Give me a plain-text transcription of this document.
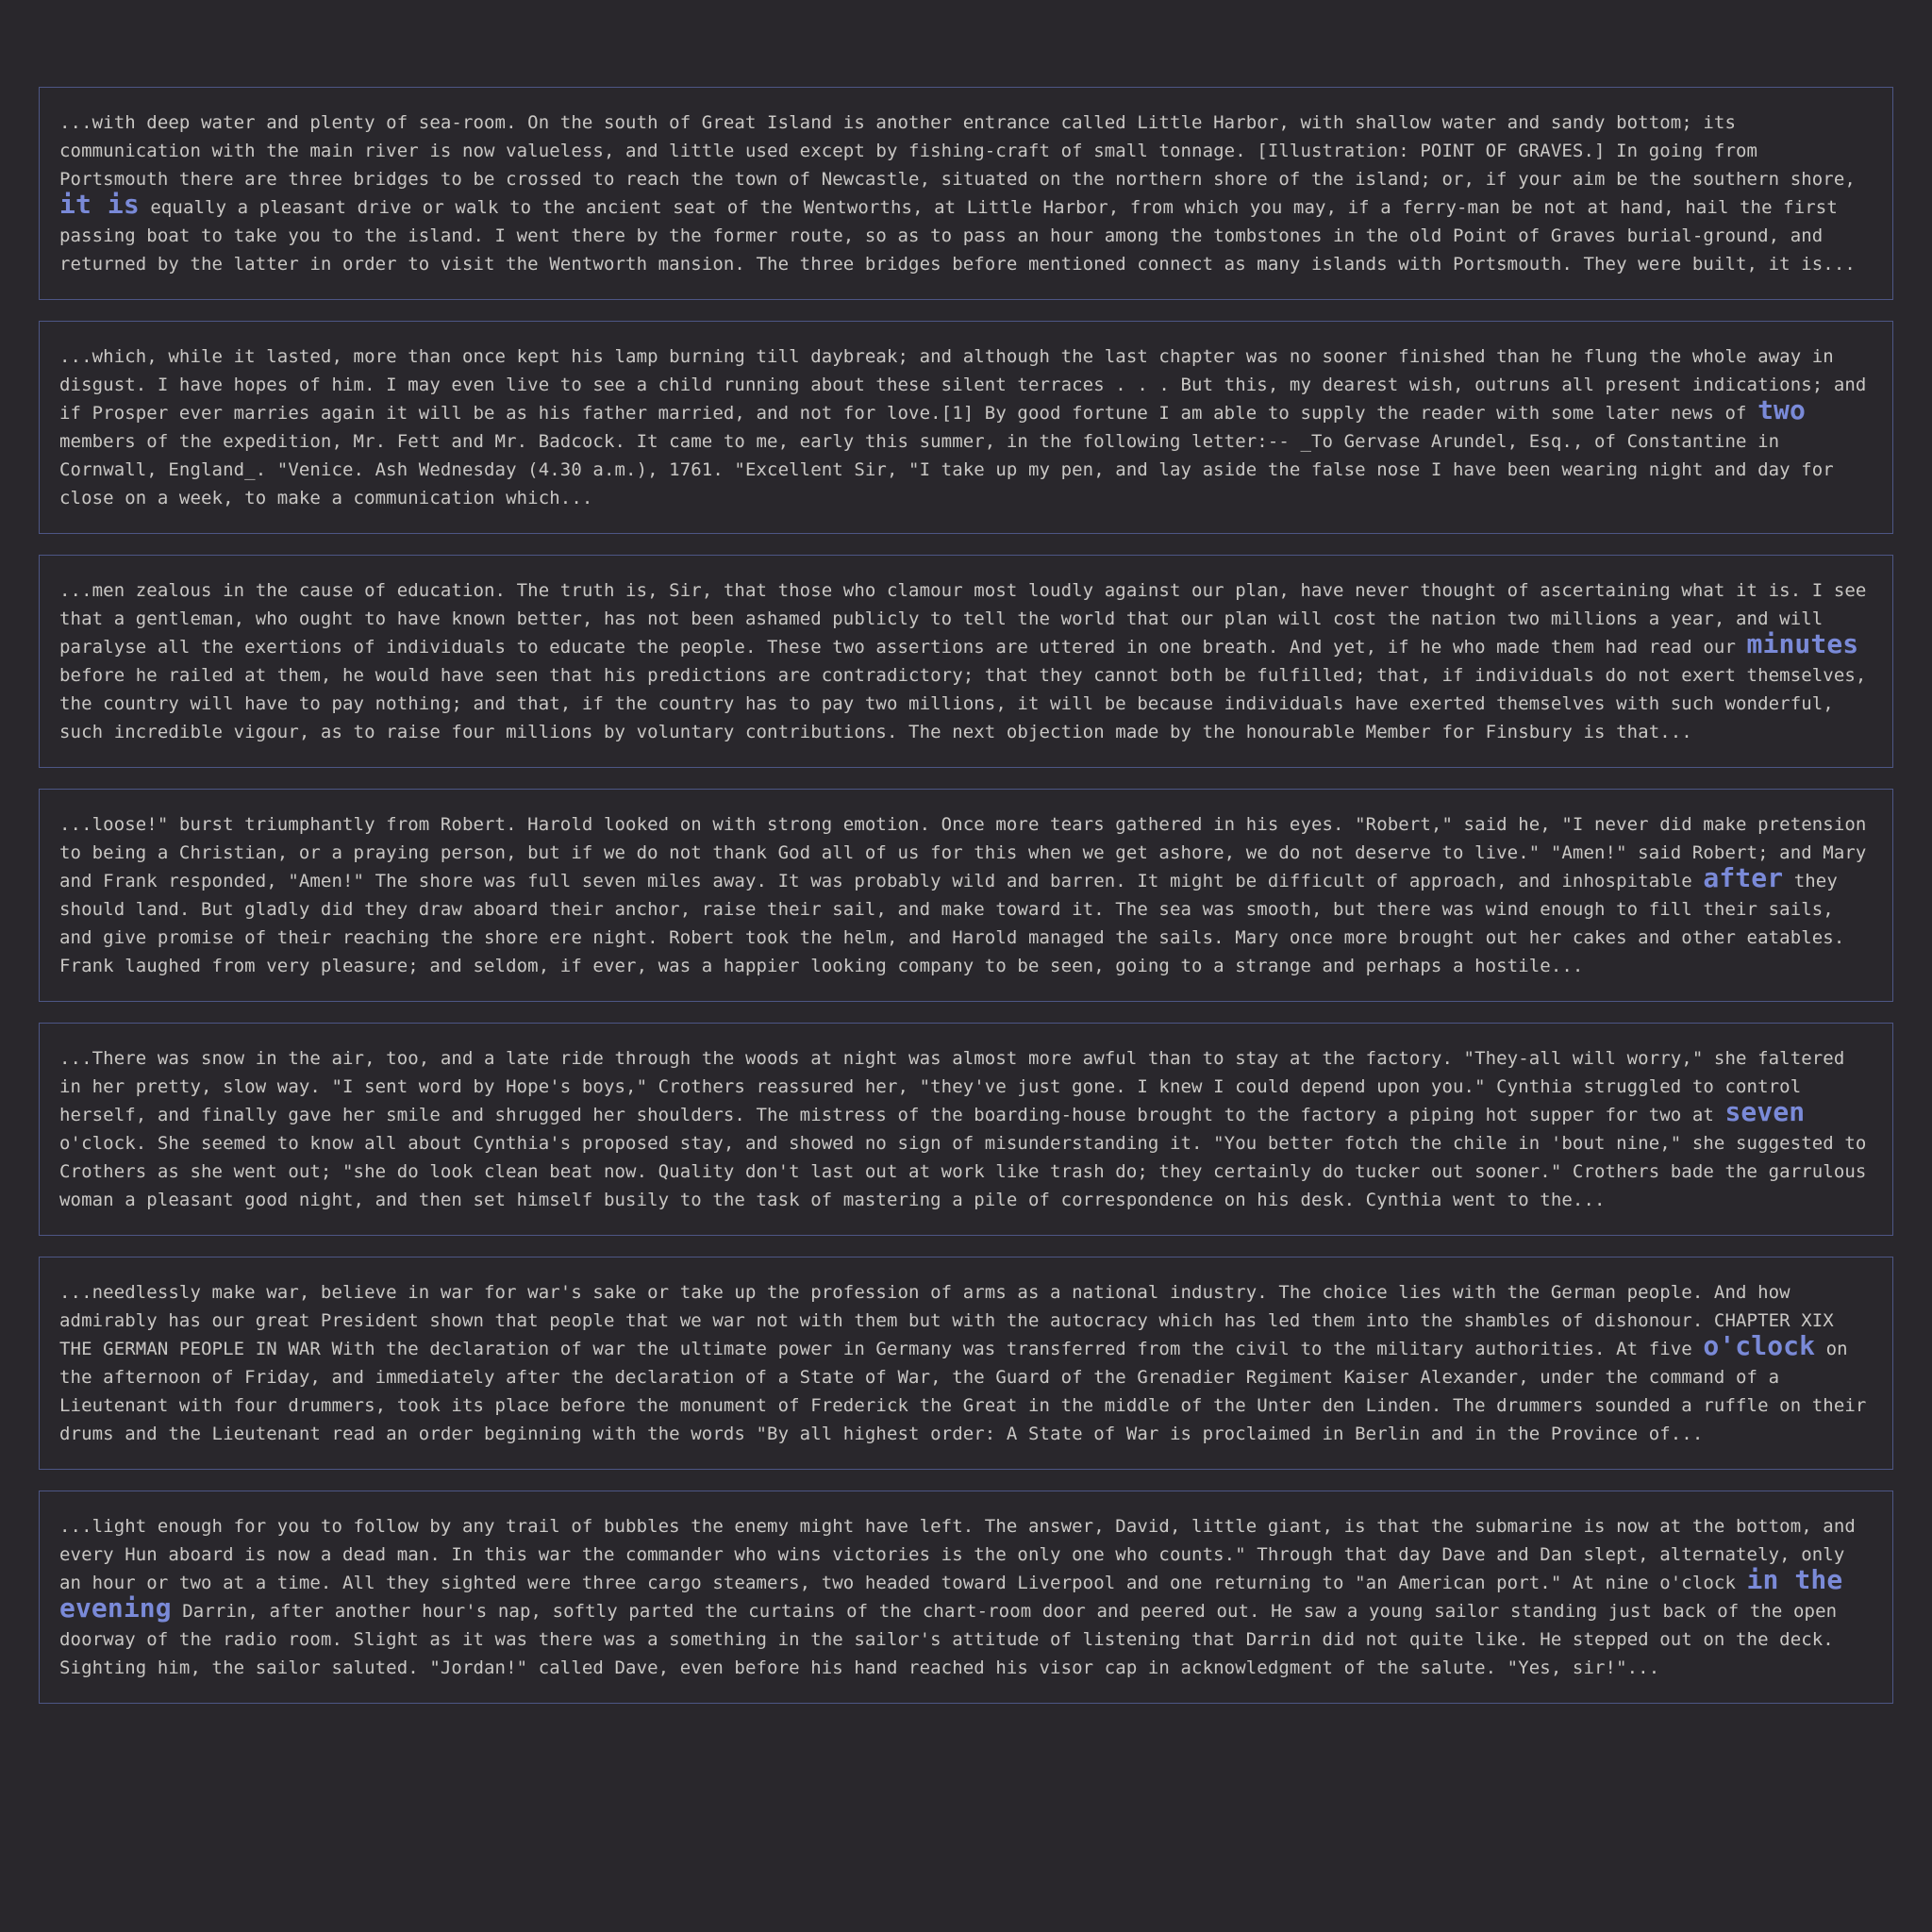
...with deep water and plenty of sea-room. On the south of Great Island is another entrance called Little Harbor, with shallow water and sandy bottom; its communication with the main river is now valueless, and little used except by fishing-craft of small tonnage. [Illustration: POINT OF GRAVES.] In going from Portsmouth there are three bridges to be crossed to reach the town of Newcastle, situated on the northern shore of the island; or, if your aim be the southern shore, it is equally a pleasant drive or walk to the ancient seat of the Wentworths, at Little Harbor, from which you may, if a ferry-man be not at hand, hail the first passing boat to take you to the island. I went there by the former route, so as to pass an hour among the tombstones in the old Point of Graves burial-ground, and returned by the latter in order to visit the Wentworth mansion. The three bridges before mentioned connect as many islands with Portsmouth. They were built, it is...
...which, while it lasted, more than once kept his lamp burning till daybreak; and although the last chapter was no sooner finished than he flung the whole away in disgust. I have hopes of him. I may even live to see a child running about these silent terraces . . . But this, my dearest wish, outruns all present indications; and if Prosper ever marries again it will be as his father married, and not for love.[1] By good fortune I am able to supply the reader with some later news of two members of the expedition, Mr. Fett and Mr. Badcock. It came to me, early this summer, in the following letter:-- _To Gervase Arundel, Esq., of Constantine in Cornwall, England_. "Venice. Ash Wednesday (4.30 a.m.), 1761. "Excellent Sir, "I take up my pen, and lay aside the false nose I have been wearing night and day for close on a week, to make a communication which...
...men zealous in the cause of education. The truth is, Sir, that those who clamour most loudly against our plan, have never thought of ascertaining what it is. I see that a gentleman, who ought to have known better, has not been ashamed publicly to tell the world that our plan will cost the nation two millions a year, and will paralyse all the exertions of individuals to educate the people. These two assertions are uttered in one breath. And yet, if he who made them had read our minutes before he railed at them, he would have seen that his predictions are contradictory; that they cannot both be fulfilled; that, if individuals do not exert themselves, the country will have to pay nothing; and that, if the country has to pay two millions, it will be because individuals have exerted themselves with such wonderful, such incredible vigour, as to raise four millions by voluntary contributions. The next objection made by the honourable Member for Finsbury is that...
...loose!" burst triumphantly from Robert. Harold looked on with strong emotion. Once more tears gathered in his eyes. "Robert," said he, "I never did make pretension to being a Christian, or a praying person, but if we do not thank God all of us for this when we get ashore, we do not deserve to live." "Amen!" said Robert; and Mary and Frank responded, "Amen!" The shore was full seven miles away. It was probably wild and barren. It might be difficult of approach, and inhospitable after they should land. But gladly did they draw aboard their anchor, raise their sail, and make toward it. The sea was smooth, but there was wind enough to fill their sails, and give promise of their reaching the shore ere night. Robert took the helm, and Harold managed the sails. Mary once more brought out her cakes and other eatables. Frank laughed from very pleasure; and seldom, if ever, was a happier looking company to be seen, going to a strange and perhaps a hostile...
...There was snow in the air, too, and a late ride through the woods at night was almost more awful than to stay at the factory. "They-all will worry," she faltered in her pretty, slow way. "I sent word by Hope's boys," Crothers reassured her, "they've just gone. I knew I could depend upon you." Cynthia struggled to control herself, and finally gave her smile and shrugged her shoulders. The mistress of the boarding-house brought to the factory a piping hot supper for two at seven o'clock. She seemed to know all about Cynthia's proposed stay, and showed no sign of misunderstanding it. "You better fotch the chile in 'bout nine," she suggested to Crothers as she went out; "she do look clean beat now. Quality don't last out at work like trash do; they certainly do tucker out sooner." Crothers bade the garrulous woman a pleasant good night, and then set himself busily to the task of mastering a pile of correspondence on his desk. Cynthia went to the...
...needlessly make war, believe in war for war's sake or take up the profession of arms as a national industry. The choice lies with the German people. And how admirably has our great President shown that people that we war not with them but with the autocracy which has led them into the shambles of dishonour. CHAPTER XIX THE GERMAN PEOPLE IN WAR With the declaration of war the ultimate power in Germany was transferred from the civil to the military authorities. At five o'clock on the afternoon of Friday, and immediately after the declaration of a State of War, the Guard of the Grenadier Regiment Kaiser Alexander, under the command of a Lieutenant with four drummers, took its place before the monument of Frederick the Great in the middle of the Unter den Linden. The drummers sounded a ruffle on their drums and the Lieutenant read an order beginning with the words "By all highest order: A State of War is proclaimed in Berlin and in the Province of...
...light enough for you to follow by any trail of bubbles the enemy might have left. The answer, David, little giant, is that the submarine is now at the bottom, and every Hun aboard is now a dead man. In this war the commander who wins victories is the only one who counts." Through that day Dave and Dan slept, alternately, only an hour or two at a time. All they sighted were three cargo steamers, two headed toward Liverpool and one returning to "an American port." At nine o'clock in the evening Darrin, after another hour's nap, softly parted the curtains of the chart-room door and peered out. He saw a young sailor standing just back of the open doorway of the radio room. Slight as it was there was a something in the sailor's attitude of listening that Darrin did not quite like. He stepped out on the deck. Sighting him, the sailor saluted. "Jordan!" called Dave, even before his hand reached his visor cap in acknowledgment of the salute. "Yes, sir!"...
